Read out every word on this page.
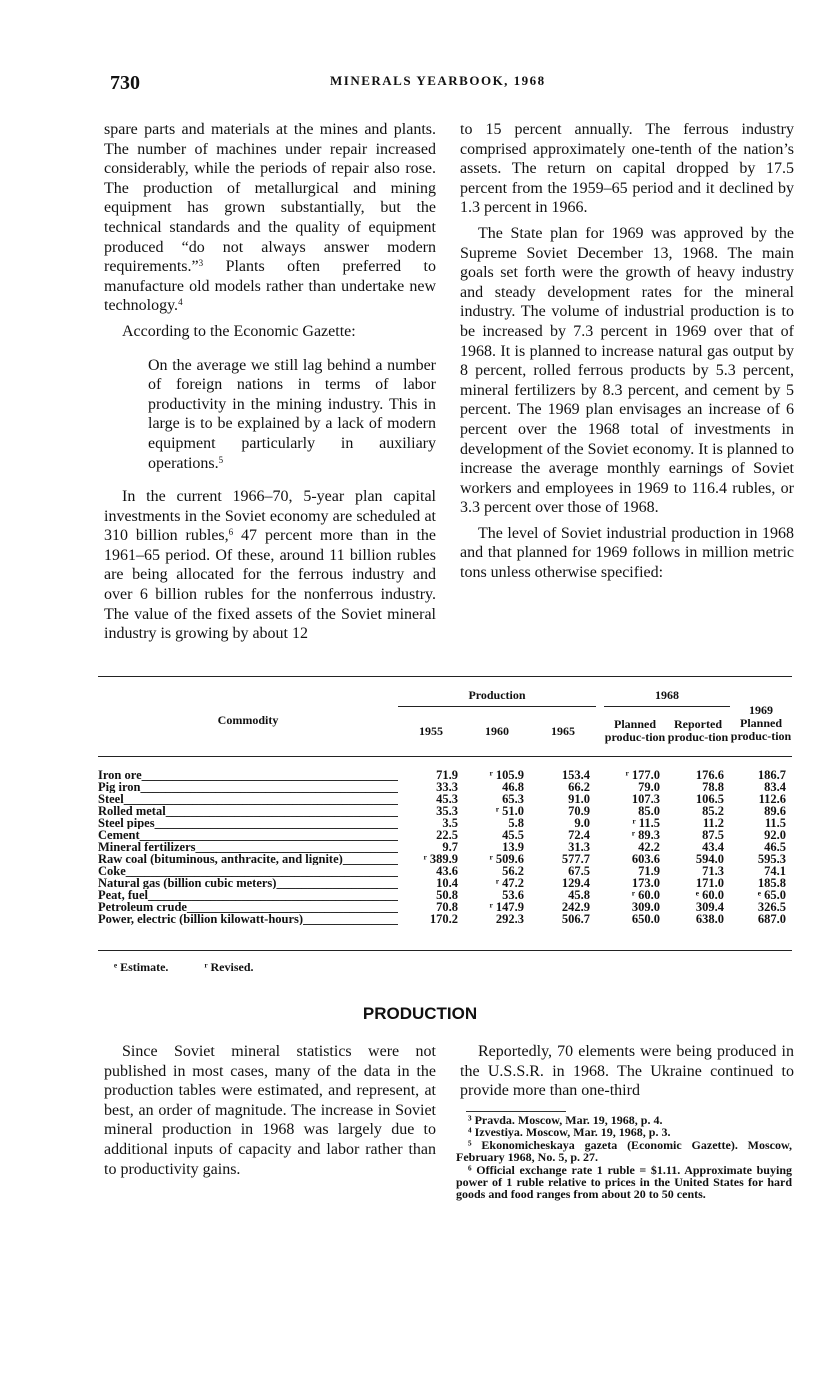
730	MINERALS YEARBOOK, 1968

spare parts and materials at the mines and plants. The number of machines under repair increased considerably, while the periods of repair also rose. The production of metallurgical and mining equipment has grown substantially, but the technical standards and the quality of equipment produced “do not always answer modern requirements.”$^3$ Plants often preferred to manufacture old models rather than undertake new technology.$^4$

According to the Economic Gazette:

On the average we still lag behind a number of foreign nations in terms of labor productivity in the mining industry. This in large is to be explained by a lack of modern equipment particularly in auxiliary operations.$^5$

In the current 1966–70, 5-year plan capital investments in the Soviet economy are scheduled at 310 billion rubles,$^6$ 47 percent more than in the 1961–65 period. Of these, around 11 billion rubles are being allocated for the ferrous industry and over 6 billion rubles for the nonferrous industry. The value of the fixed assets of the Soviet mineral industry is growing by about 12

to 15 percent annually. The ferrous industry comprised approximately one-tenth of the nation’s assets. The return on capital dropped by 17.5 percent from the 1959–65 period and it declined by 1.3 percent in 1966.

The State plan for 1969 was approved by the Supreme Soviet December 13, 1968. The main goals set forth were the growth of heavy industry and steady development rates for the mineral industry. The volume of industrial production is to be increased by 7.3 percent in 1969 over that of 1968. It is planned to increase natural gas output by 8 percent, rolled ferrous products by 5.3 percent, mineral fertilizers by 8.3 percent, and cement by 5 percent. The 1969 plan envisages an increase of 6 percent over the 1968 total of investments in development of the Soviet economy. It is planned to increase the average monthly earnings of Soviet workers and employees in 1969 to 116.4 rubles, or 3.3 percent over those of 1968.

The level of Soviet industrial production in 1968 and that planned for 1969 follows in million metric tons unless otherwise specified:

Commodity	Production				1968		1969 Planned produc-tion
	1955	1960	1965		Planned produc-tion	Reported produc-tion	

Iron ore _____	71.9	ʳ 105.9	153.4		ʳ 177.0	176.6	186.7

Pig iron _____	33.3	46.8	66.2		79.0	78.8	83.4

Steel _____	45.3	65.3	91.0		107.3	106.5	112.6

Rolled metal _____	35.3	ʳ 51.0	70.9		85.0	85.2	89.6

Steel pipes _____	3.5	5.8	9.0		ʳ 11.5	11.2	11.5

Cement _____	22.5	45.5	72.4		ʳ 89.3	87.5	92.0

Mineral fertilizers _____	9.7	13.9	31.3		42.2	43.4	46.5

Raw coal (bituminous, anthracite, and lignite) _____	ʳ 389.9	ʳ 509.6	577.7		603.6	594.0	595.3

Coke _____	43.6	56.2	67.5		71.9	71.3	74.1

Natural gas (billion cubic meters) _____	10.4	ʳ 47.2	129.4		173.0	171.0	185.8

Peat, fuel _____	50.8	53.6	45.8		ʳ 60.0	ᵉ 60.0	ᵉ 65.0

Petroleum crude _____	70.8	ʳ 147.9	242.9		309.0	309.4	326.5

Power, electric (billion kilowatt-hours) _____	170.2	292.3	506.7		650.0	638.0	687.0
ᵉ Estimate.	ʳ Revised.
PRODUCTION

Since Soviet mineral statistics were not published in most cases, many of the data in the production tables were estimated, and represent, at best, an order of magnitude. The increase in Soviet mineral production in 1968 was largely due to additional inputs of capacity and labor rather than to productivity gains.

Reportedly, 70 elements were being produced in the U.S.S.R. in 1968. The Ukraine continued to provide more than one-third

³ Pravda. Moscow, Mar. 19, 1968, p. 4.

⁴ Izvestiya. Moscow, Mar. 19, 1968, p. 3.

⁵ Ekonomicheskaya gazeta (Economic Gazette). Moscow, February 1968, No. 5, p. 27.

⁶ Official exchange rate 1 ruble = $1.11. Approximate buying power of 1 ruble relative to prices in the United States for hard goods and food ranges from about 20 to 50 cents.
